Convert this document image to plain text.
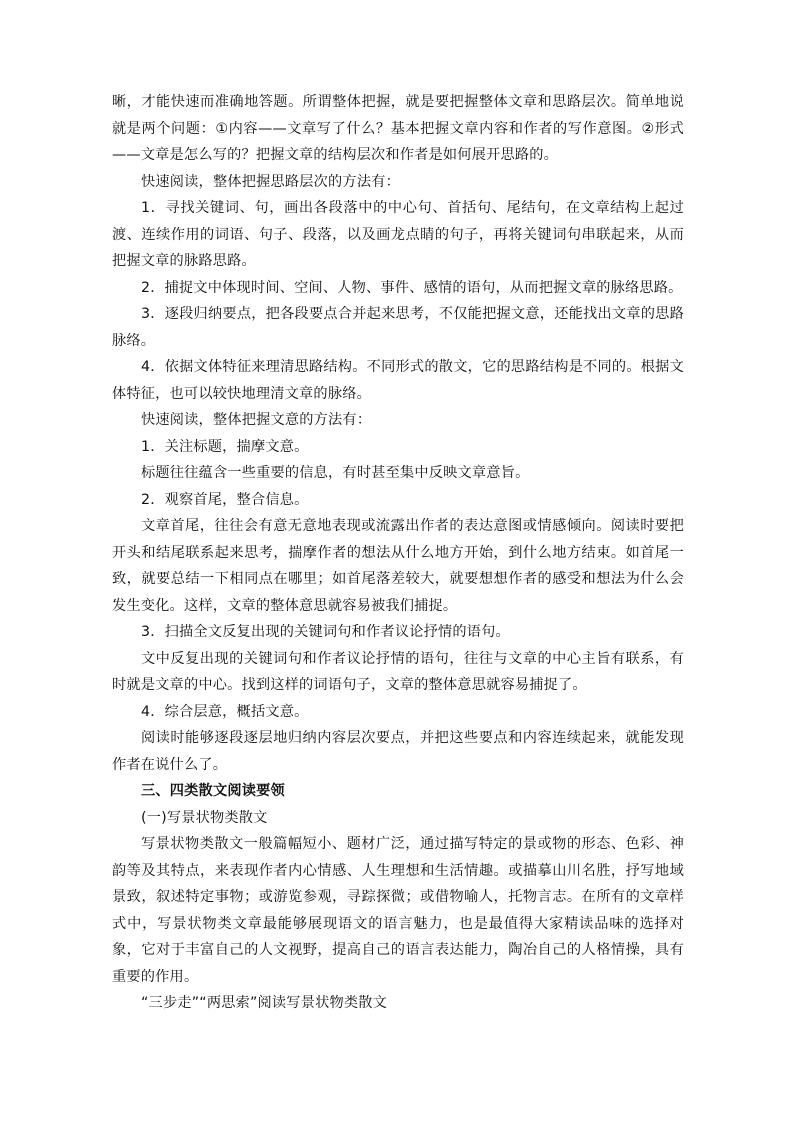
晰，才能快速而准确地答题。所谓整体把握，就是要把握整体文章和思路层次。简单地说就是两个问题：①内容——文章写了什么？基本把握文章内容和作者的写作意图。②形式——文章是怎么写的？把握文章的结构层次和作者是如何展开思路的。

快速阅读，整体把握思路层次的方法有：

1．寻找关键词、句，画出各段落中的中心句、首括句、尾结句，在文章结构上起过渡、连续作用的词语、句子、段落，以及画龙点睛的句子，再将关键词句串联起来，从而把握文章的脉路思路。

2．捕捉文中体现时间、空间、人物、事件、感情的语句，从而把握文章的脉络思路。

3．逐段归纳要点，把各段要点合并起来思考，不仅能把握文意，还能找出文章的思路脉络。

4．依据文体特征来理清思路结构。不同形式的散文，它的思路结构是不同的。根据文体特征，也可以较快地理清文章的脉络。

快速阅读，整体把握文意的方法有：

1．关注标题，揣摩文意。

标题往往蕴含一些重要的信息，有时甚至集中反映文章意旨。

2．观察首尾，整合信息。

文章首尾，往往会有意无意地表现或流露出作者的表达意图或情感倾向。阅读时要把开头和结尾联系起来思考，揣摩作者的想法从什么地方开始，到什么地方结束。如首尾一致，就要总结一下相同点在哪里；如首尾落差较大，就要想想作者的感受和想法为什么会发生变化。这样，文章的整体意思就容易被我们捕捉。

3．扫描全文反复出现的关键词句和作者议论抒情的语句。

文中反复出现的关键词句和作者议论抒情的语句，往往与文章的中心主旨有联系，有时就是文章的中心。找到这样的词语句子，文章的整体意思就容易捕捉了。

4．综合层意，概括文意。

阅读时能够逐段逐层地归纳内容层次要点，并把这些要点和内容连续起来，就能发现作者在说什么了。

三、四类散文阅读要领

(一)写景状物类散文

写景状物类散文一般篇幅短小、题材广泛，通过描写特定的景或物的形态、色彩、神韵等及其特点，来表现作者内心情感、人生理想和生活情趣。或描摹山川名胜，抒写地域景致，叙述特定事物；或游览参观，寻踪探微；或借物喻人，托物言志。在所有的文章样式中，写景状物类文章最能够展现语文的语言魅力，也是最值得大家精读品味的选择对象，它对于丰富自己的人文视野，提高自己的语言表达能力，陶冶自己的人格情操，具有重要的作用。

“三步走”“两思索”阅读写景状物类散文
